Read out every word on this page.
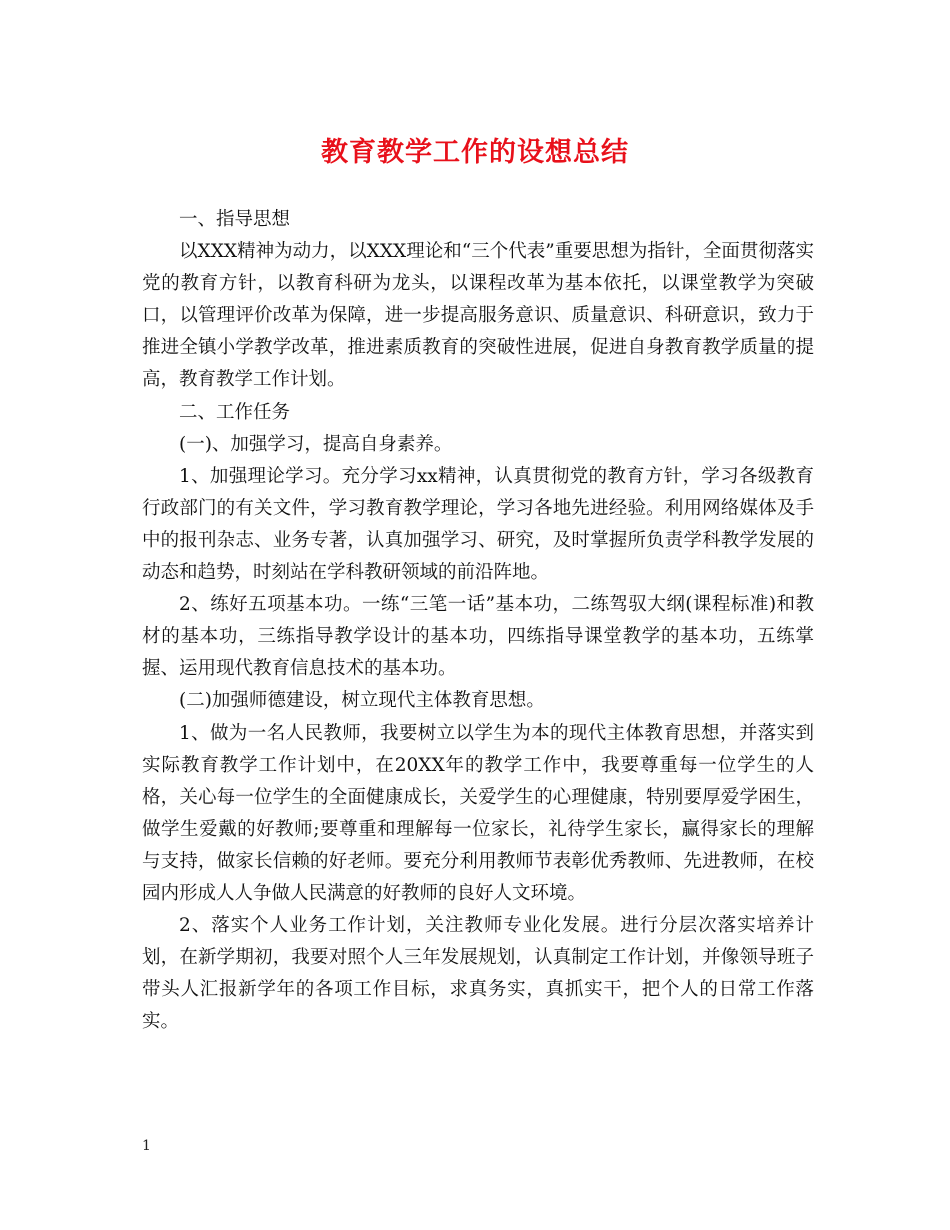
教育教学工作的设想总结

一、指导思想

以XXX精神为动力，以XXX理论和“三个代表”重要思想为指针，全面贯彻落实党的教育方针，以教育科研为龙头，以课程改革为基本依托，以课堂教学为突破口，以管理评价改革为保障，进一步提高服务意识、质量意识、科研意识，致力于推进全镇小学教学改革，推进素质教育的突破性进展，促进自身教育教学质量的提高，教育教学工作计划。

二、工作任务

(一)、加强学习，提高自身素养。

1、加强理论学习。充分学习xx精神，认真贯彻党的教育方针，学习各级教育行政部门的有关文件，学习教育教学理论，学习各地先进经验。利用网络媒体及手中的报刊杂志、业务专著，认真加强学习、研究，及时掌握所负责学科教学发展的动态和趋势，时刻站在学科教研领域的前沿阵地。

2、练好五项基本功。一练“三笔一话”基本功，二练驾驭大纲(课程标准)和教材的基本功，三练指导教学设计的基本功，四练指导课堂教学的基本功，五练掌握、运用现代教育信息技术的基本功。

(二)加强师德建设，树立现代主体教育思想。

1、做为一名人民教师，我要树立以学生为本的现代主体教育思想，并落实到实际教育教学工作计划中，在20XX年的教学工作中，我要尊重每一位学生的人格，关心每一位学生的全面健康成长，关爱学生的心理健康，特别要厚爱学困生，做学生爱戴的好教师;要尊重和理解每一位家长，礼待学生家长，赢得家长的理解与支持，做家长信赖的好老师。要充分利用教师节表彰优秀教师、先进教师，在校园内形成人人争做人民满意的好教师的良好人文环境。

2、落实个人业务工作计划，关注教师专业化发展。进行分层次落实培养计划，在新学期初，我要对照个人三年发展规划，认真制定工作计划，并像领导班子带头人汇报新学年的各项工作目标，求真务实，真抓实干，把个人的日常工作落实。

1
